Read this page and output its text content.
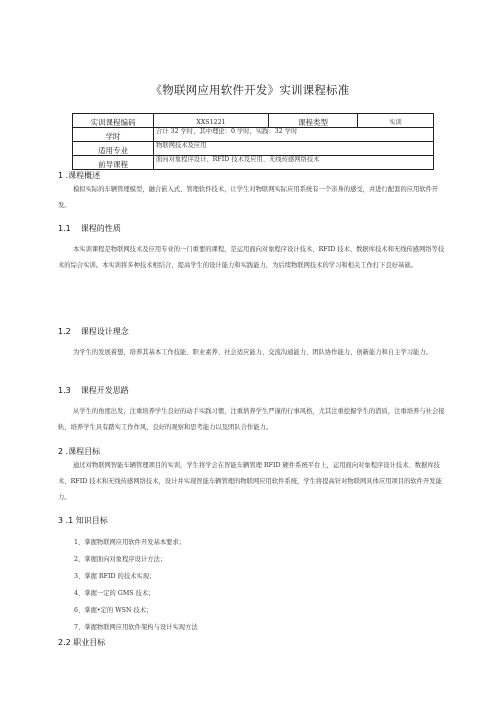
《物联网应用软件开发》实训课程标准
实训课程编码	XXS1221	课程类型	实训
学时	合计 32 学时，其中理论：0 学时，实践：32 学时		
适用专业	物联网技术及应用		
前导课程	面向对象程序设计、RFID 技术及应用、无线传感网络技术		
1 .课程概述
模拟实际的车辆管理模型，融合嵌入式、管理软件技术，让学生对物联网实际应用系统有一个亲身的感受，并进行配套的应用软件开发。
1.1 课程的性质
本实训课程是物联网技术及应用专业的一门重要的课程，是运用面向对象程序设计技术、RFID 技术、数据库技术和无线传感网络等技术的综合实训。本实训将多种技术相结合，提高学生的设计能力和实践能力，为后续物联网技术的学习和相关工作打下良好基础。
1.2 课程设计理念
为学生的发展着想，培养其基本工作技能、职业素养、社会适应能力、交流沟通能力、团队协作能力、创新能力和自主学习能力。
1.3 课程开发思路
从学生的角度出发，注重培养学生良好的动手实践习惯，注重培养学生严谨的行事风格，尤其注重挖掘学生的潜质，注重培养与社会接轨，培养学生具有踏实工作作风，良好的观察和思考能力以及团队合作能力。
2 .课程目标
通过对物联网智能车辆管理项目的实训，学生将学会在智能车辆管理 RFID 硬件系统平台上，运用面向对象程序设计技术、数据库技术、RFID 技术和无线传感网络技术，设计并实现智能车辆管理的物联网应用软件系统，学生将提高针对物联网具体应用项目的软件开发能力。
3 .1 知识目标
1、掌握物联网应用软件开发基本要求；
2、掌握面向对象程序设计方法；
3、掌握 RFID 的技术实现；
4、掌握一定的 GMS 技术；
6、掌握•定的 WSN 技术；
7、掌握物联网应用软件架构与设计实现方法
2.2 职业目标
